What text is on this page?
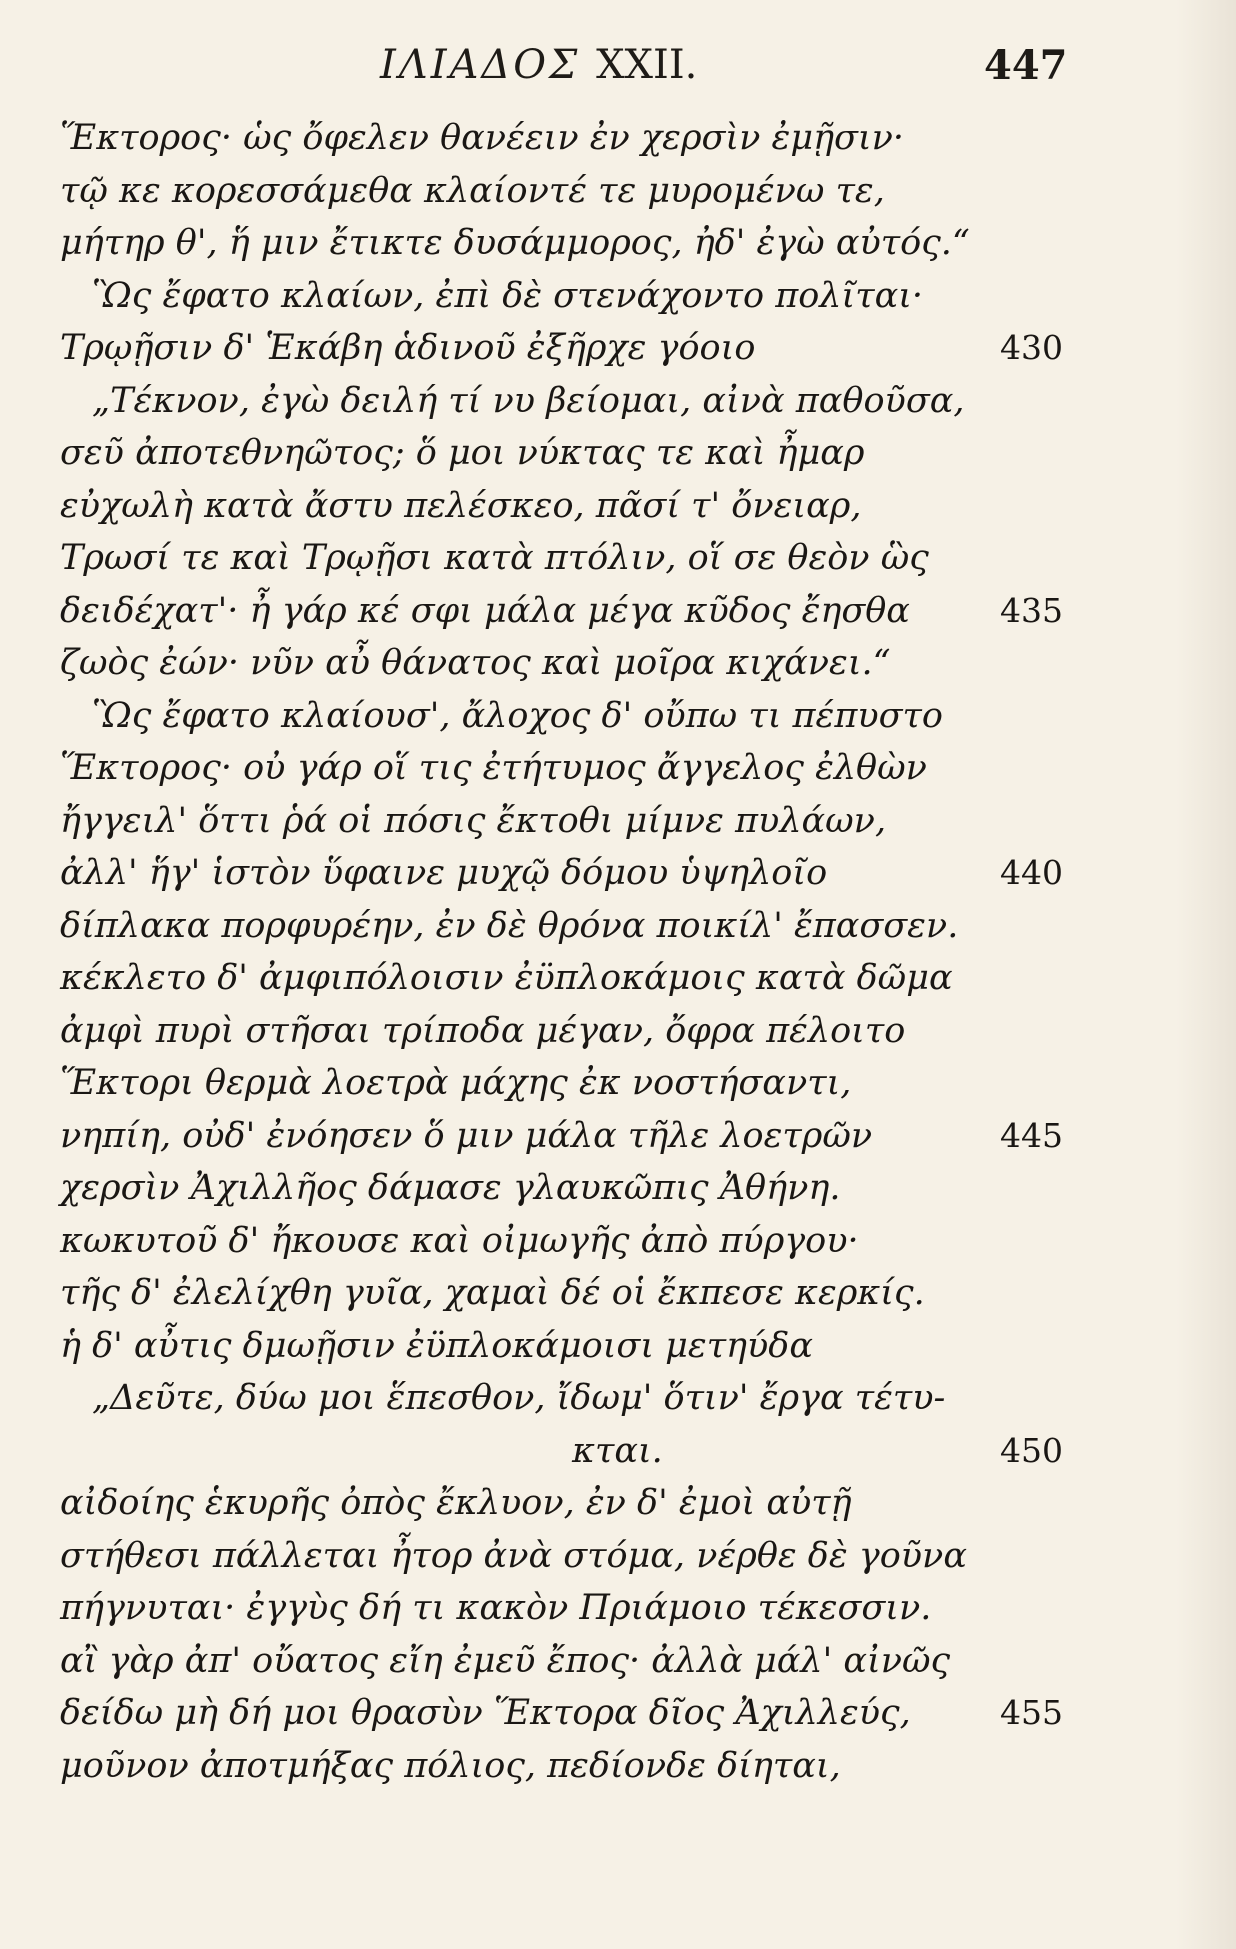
ΙΛΙΑΔΟΣ XXII.	447
Ἕκτορος· ὡς ὄφελεν θανέειν ἐν χερσὶν ἐμῇσιν·
τῷ κε κορεσσάμεθα κλαίοντέ τε μυρομένω τε,
μήτηρ θ', ἥ μιν ἔτικτε δυσάμμορος, ἠδ' ἐγὼ αὐτός.“
Ὣς ἔφατο κλαίων, ἐπὶ δὲ στενάχοντο πολῖται·
Τρῳῇσιν δ' Ἑκάβη ἁδινοῦ ἐξῆρχε γόοιο	430
„Τέκνον, ἐγὼ δειλή τί νυ βείομαι, αἰνὰ παθοῦσα,
σεῦ ἀποτεθνηῶτος; ὅ μοι νύκτας τε καὶ ἦμαρ
εὐχωλὴ κατὰ ἄστυ πελέσκεο, πᾶσί τ' ὄνειαρ,
Τρωσί τε καὶ Τρῳῇσι κατὰ πτόλιν, οἵ σε θεὸν ὣς
δειδέχατ'· ἦ γάρ κέ σφι μάλα μέγα κῦδος ἔησθα	435
ζωὸς ἐών· νῦν αὖ θάνατος καὶ μοῖρα κιχάνει.“
Ὣς ἔφατο κλαίουσ', ἄλοχος δ' οὔπω τι πέπυστο
Ἕκτορος· οὐ γάρ οἵ τις ἐτήτυμος ἄγγελος ἐλθὼν
ἤγγειλ' ὅττι ῥά οἱ πόσις ἔκτοθι μίμνε πυλάων,
ἀλλ' ἥγ' ἱστὸν ὕφαινε μυχῷ δόμου ὑψηλοῖο	440
δίπλακα πορφυρέην, ἐν δὲ θρόνα ποικίλ' ἔπασσεν.
κέκλετο δ' ἀμφιπόλοισιν ἐϋπλοκάμοις κατὰ δῶμα
ἀμφὶ πυρὶ στῆσαι τρίποδα μέγαν, ὄφρα πέλοιτο
Ἕκτορι θερμὰ λοετρὰ μάχης ἐκ νοστήσαντι,
νηπίη, οὐδ' ἐνόησεν ὅ μιν μάλα τῆλε λοετρῶν	445
χερσὶν Ἀχιλλῆος δάμασε γλαυκῶπις Ἀθήνη.
κωκυτοῦ δ' ἤκουσε καὶ οἰμωγῆς ἀπὸ πύργου·
τῆς δ' ἐλελίχθη γυῖα, χαμαὶ δέ οἱ ἔκπεσε κερκίς.
ἡ δ' αὖτις δμωῇσιν ἐϋπλοκάμοισι μετηύδα
„Δεῦτε, δύω μοι ἕπεσθον, ἴδωμ' ὅτιν' ἔργα τέτυ-
κται.	450
αἰδοίης ἑκυρῆς ὀπὸς ἔκλυον, ἐν δ' ἐμοὶ αὐτῇ
στήθεσι πάλλεται ἦτορ ἀνὰ στόμα, νέρθε δὲ γοῦνα
πήγνυται· ἐγγὺς δή τι κακὸν Πριάμοιο τέκεσσιν.
αἲ γὰρ ἀπ' οὔατος εἴη ἐμεῦ ἔπος· ἀλλὰ μάλ' αἰνῶς
δείδω μὴ δή μοι θρασὺν Ἕκτορα δῖος Ἀχιλλεύς,	455
μοῦνον ἀποτμήξας πόλιος, πεδίονδε δίηται,
